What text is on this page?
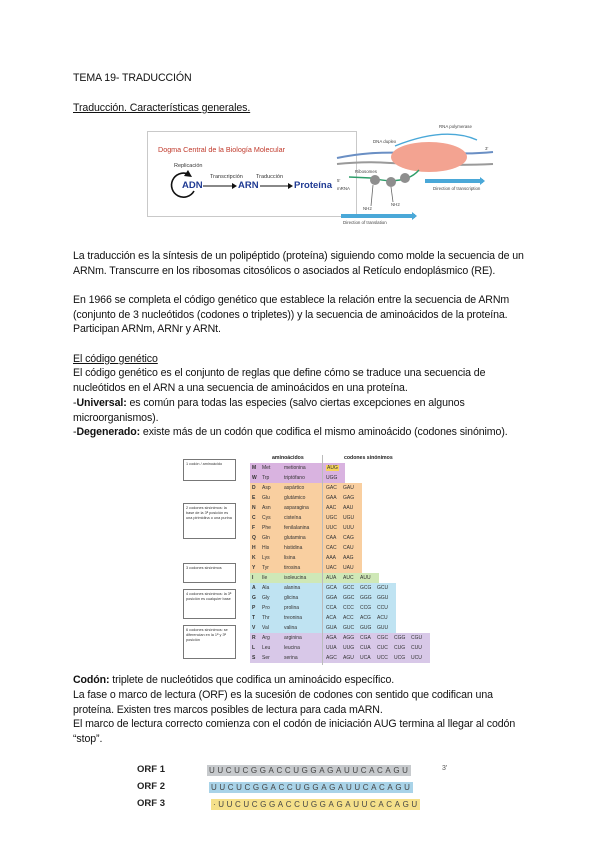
TEMA 19- TRADUCCIÓN
Traducción. Características generales.
Dogma Central de la Biología Molecular
Replicación
Transcripción Traducción
ADN	ARN	Proteína
RNA polymerase
DNA duplex
Ribosomes
mRNA
5'
3'
NH2
NH2
Direction of transcription
Direction of translation
La traducción es la síntesis de un polipéptido (proteína) siguiendo como molde la secuencia de un ARNm. Transcurre en los ribosomas citosólicos o asociados al Retículo endoplásmico (RE).
En 1966 se completa el código genético que establece la relación entre la secuencia de ARNm (conjunto de 3 nucleótidos (codones o tripletes)) y la secuencia de aminoácidos de la proteína. Participan ARNm, ARNr y ARNt.
El código genético
El código genético es el conjunto de reglas que define cómo se traduce una secuencia de nucleótidos en el ARN a una secuencia de aminoácidos en una proteína.
-Universal: es común para todas las especies (salvo ciertas excepciones en algunos microorganismos).
-Degenerado: existe más de un codón que codifica el mismo aminoácido (codones sinónimo).
1 codón / aminoácido
2 codones sinónimos: la base de la 3ª posición es una pirimidina o una purina
3 codones sinónimos
4 codones sinónimos: la 3ª posición es cualquier base
6 codones sinónimos: se diferencian en la 1ª y 3ª posición
aminoácidos	codones sinónimos
M Met	metionina	AUG
W Trp	triptófano	UGG
D Asp	aspártico	GAC GAU
E Glu	glutámico	GAA GAG
N Asn	asparagina	AAC AAU
C Cys	cisteína	UGC UGU
F Phe	fenilalanina	UUC UUU
Q Gln	glutamina	CAA CAG
H His	histidina	CAC CAU
K Lys	lisina	AAA AAG
Y Tyr	tirosina	UAC UAU
I Ile	isoleucina	AUA AUC AUU
A Ala	alanina	GCA GCC GCG GCU
G Gly	glicina	GGA GGC GGG GGU
P Pro	prolina	CCA CCC CCG CCU
T Thr	treonina	ACA ACC ACG ACU
V Val	valina	GUA GUC GUG GUU
R Arg	arginina	AGA AGG CGA CGC CGG CGU
L Leu	leucina	UUA UUG CUA CUC CUG CUU
S Ser	serina	AGC AGU UCA UCC UCG UCU
Codón: triplete de nucleótidos que codifica un aminoácido específico.
La fase o marco de lectura (ORF) es la sucesión de codones con sentido que codifican una proteína. Existen tres marcos posibles de lectura para cada mARN.
El marco de lectura correcto comienza con el codón de iniciación AUG termina al llegar al codón “stop”.
ORF 1	UUCUCGGACCUGGAGAUUCACAGU	3'
ORF 2	UUCUCGGACCUGGAGAUUCACAGU
ORF 3	·UUCUCGGACCUGGAGAUUCACAGU
